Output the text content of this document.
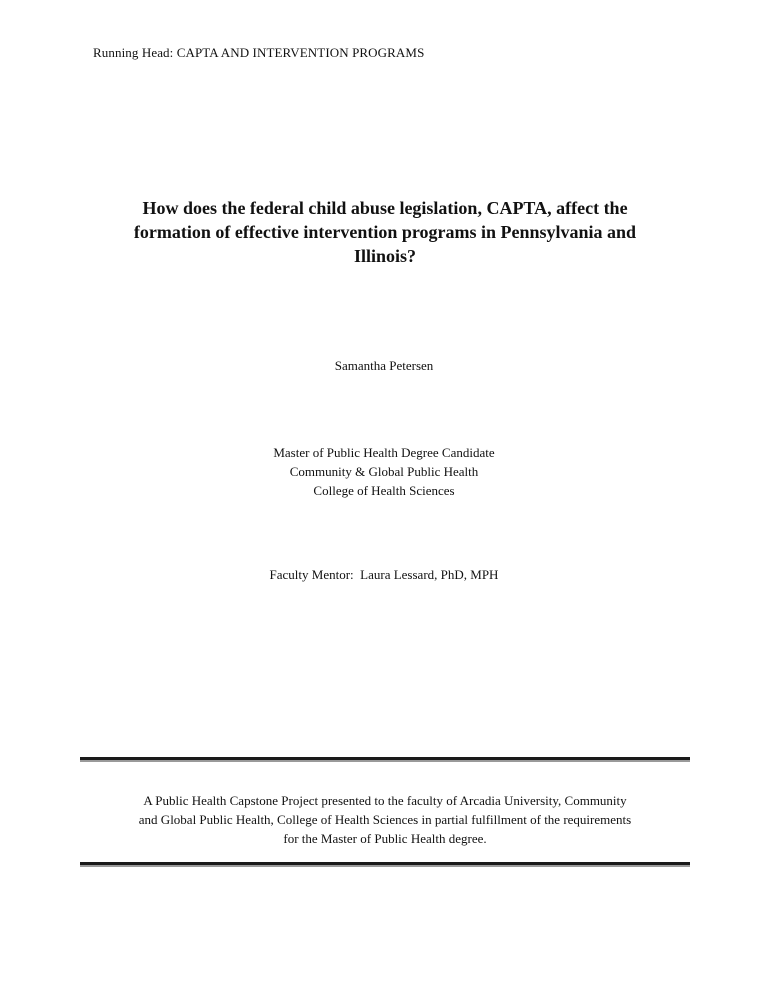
Running Head: CAPTA AND INTERVENTION PROGRAMS
How does the federal child abuse legislation, CAPTA, affect the
formation of effective intervention programs in Pennsylvania and
Illinois?
Samantha Petersen
Master of Public Health Degree Candidate
Community & Global Public Health
College of Health Sciences
Faculty Mentor:  Laura Lessard, PhD, MPH
A Public Health Capstone Project presented to the faculty of Arcadia University, Community
and Global Public Health, College of Health Sciences in partial fulfillment of the requirements
for the Master of Public Health degree.
